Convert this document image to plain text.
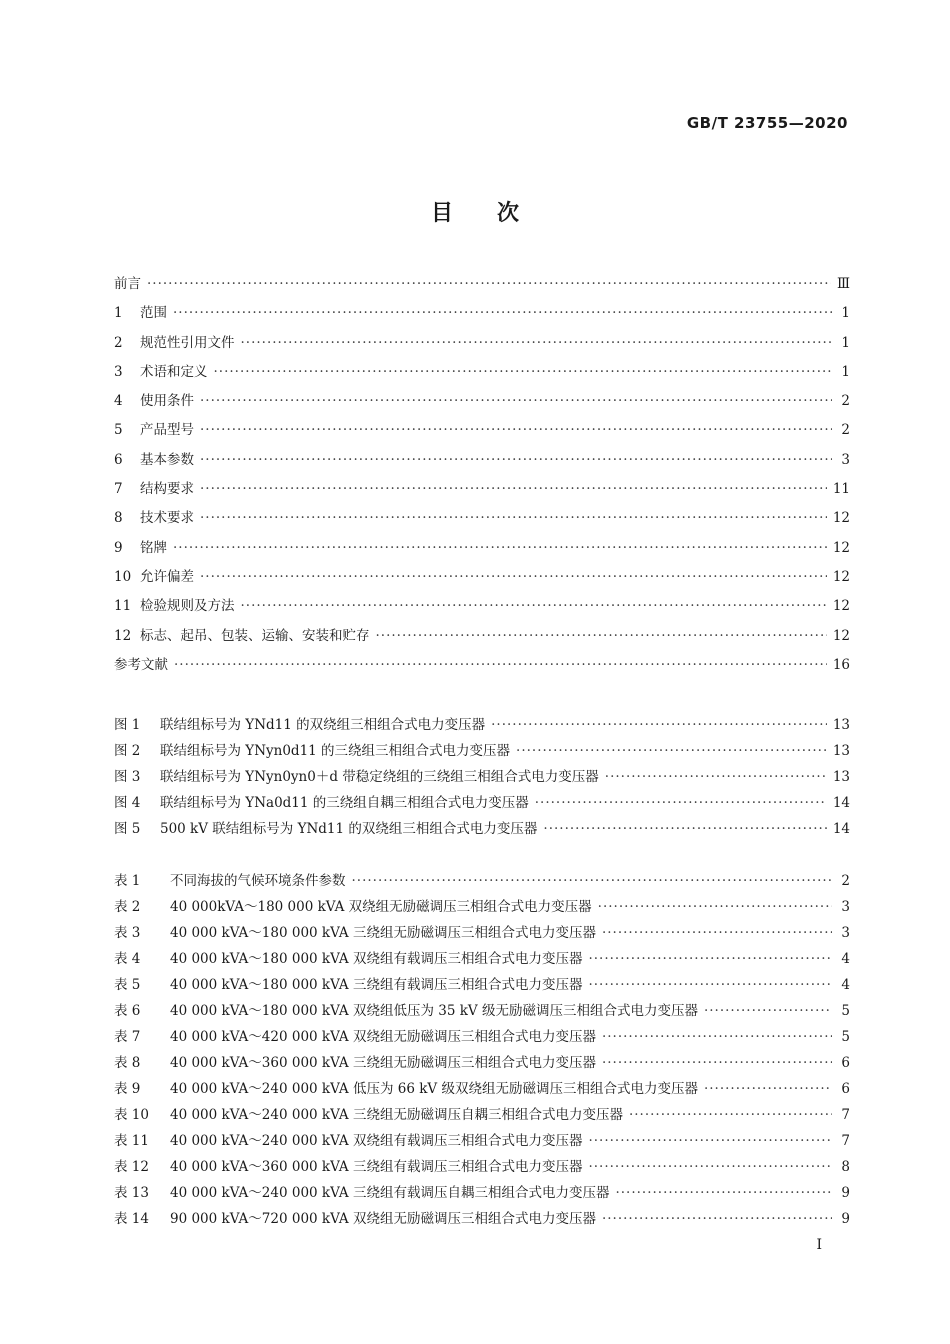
GB/T 23755—2020
目次
前言 ·····	Ⅲ
1	范围 ·····	1
2	规范性引用文件 ·····	1
3	术语和定义 ·····	1
4	使用条件 ·····	2
5	产品型号 ·····	2
6	基本参数 ·····	3
7	结构要求 ·····	11
8	技术要求 ·····	12
9	铭牌 ·····	12
10 允许偏差 ·····	12
11 检验规则及方法 ·····	12
12 标志、起吊、包装、运输、安装和贮存 ·····	12
参考文献 ·····	16
图 1	联结组标号为 YNd11 的双绕组三相组合式电力变压器 ·····	13
图 2	联结组标号为 YNyn0d11 的三绕组三相组合式电力变压器 ·····	13
图 3	联结组标号为 YNyn0yn0＋d 带稳定绕组的三绕组三相组合式电力变压器 ·····	13
图 4	联结组标号为 YNa0d11 的三绕组自耦三相组合式电力变压器 ·····	14
图 5	500 kV 联结组标号为 YNd11 的双绕组三相组合式电力变压器 ·····	14
表 1	不同海拔的气候环境条件参数 ·····	2
表 2	40 000kVA～180 000 kVA 双绕组无励磁调压三相组合式电力变压器 ·····	3
表 3	40 000 kVA～180 000 kVA 三绕组无励磁调压三相组合式电力变压器 ·····	3
表 4	40 000 kVA～180 000 kVA 双绕组有载调压三相组合式电力变压器 ·····	4
表 5	40 000 kVA～180 000 kVA 三绕组有载调压三相组合式电力变压器 ·····	4
表 6	40 000 kVA～180 000 kVA 双绕组低压为 35 kV 级无励磁调压三相组合式电力变压器 ·····	5
表 7	40 000 kVA～420 000 kVA 双绕组无励磁调压三相组合式电力变压器 ·····	5
表 8	40 000 kVA～360 000 kVA 三绕组无励磁调压三相组合式电力变压器 ·····	6
表 9	40 000 kVA～240 000 kVA 低压为 66 kV 级双绕组无励磁调压三相组合式电力变压器 ·····	6
表 10	40 000 kVA～240 000 kVA 三绕组无励磁调压自耦三相组合式电力变压器 ·····	7
表 11	40 000 kVA～240 000 kVA 双绕组有载调压三相组合式电力变压器 ·····	7
表 12	40 000 kVA～360 000 kVA 三绕组有载调压三相组合式电力变压器 ·····	8
表 13	40 000 kVA～240 000 kVA 三绕组有载调压自耦三相组合式电力变压器 ·····	9
表 14	90 000 kVA～720 000 kVA 双绕组无励磁调压三相组合式电力变压器 ·····	9
I
